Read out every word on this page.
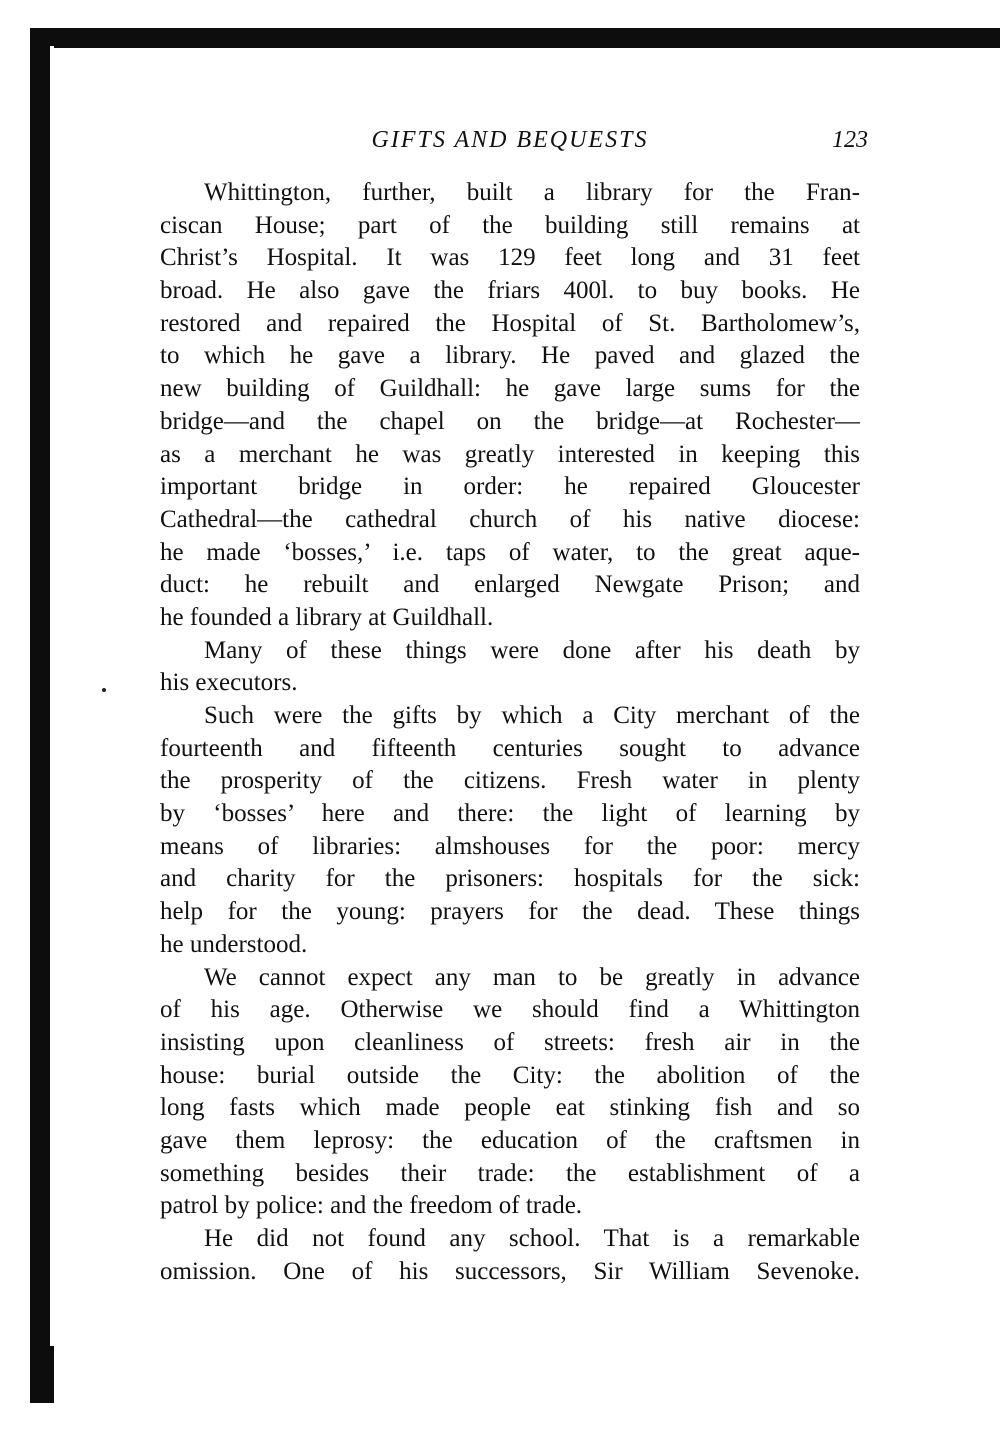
GIFTS AND BEQUESTS	123
Whittington, further, built a library for the Fran-
ciscan House; part of the building still remains at
Christ’s Hospital. It was 129 feet long and 31 feet
broad. He also gave the friars 400l. to buy books. He
restored and repaired the Hospital of St. Bartholomew’s,
to which he gave a library. He paved and glazed the
new building of Guildhall: he gave large sums for the
bridge—and the chapel on the bridge—at Rochester—
as a merchant he was greatly interested in keeping this
important bridge in order: he repaired Gloucester
Cathedral—the cathedral church of his native diocese:
he made ‘bosses,’ i.e. taps of water, to the great aque-
duct: he rebuilt and enlarged Newgate Prison; and
he founded a library at Guildhall.
Many of these things were done after his death by
his executors.
Such were the gifts by which a City merchant of the
fourteenth and fifteenth centuries sought to advance
the prosperity of the citizens. Fresh water in plenty
by ‘bosses’ here and there: the light of learning by
means of libraries: almshouses for the poor: mercy
and charity for the prisoners: hospitals for the sick:
help for the young: prayers for the dead. These things
he understood.
We cannot expect any man to be greatly in advance
of his age. Otherwise we should find a Whittington
insisting upon cleanliness of streets: fresh air in the
house: burial outside the City: the abolition of the
long fasts which made people eat stinking fish and so
gave them leprosy: the education of the craftsmen in
something besides their trade: the establishment of a
patrol by police: and the freedom of trade.
He did not found any school. That is a remarkable
omission. One of his successors, Sir William Sevenoke.
